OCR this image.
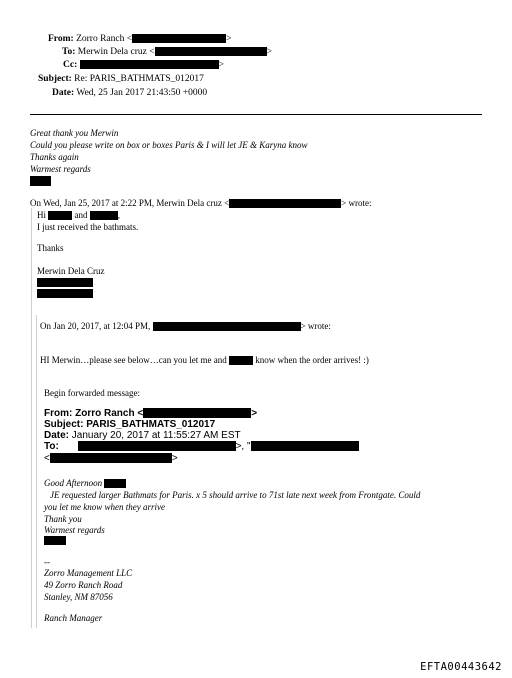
From: Zorro Ranch <	>
To: Merwin Dela cruz <	>
Cc:	>
Subject: Re: PARIS_BATHMATS_012017
Date: Wed, 25 Jan 2017 21:43:50 +0000
Great thank you Merwin
Could you please write on box or boxes Paris & I will let JE & Karyna know
Thanks again
Warmest regards
On Wed, Jan 25, 2017 at 2:22 PM, Merwin Dela cruz <	> wrote:
Hi	and	,
I just received the bathmats.
Thanks
Merwin Dela Cruz
On Jan 20, 2017, at 12:04 PM,	> wrote:
HI Merwin…please see below…can you let me and	know when the order arrives! :)
Begin forwarded message:
From: Zorro Ranch <	>
Subject: PARIS_BATHMATS_012017
Date: January 20, 2017 at 11:55:27 AM EST
To:	>, "
<	>
Good Afternoon
JE requested larger Bathmats for Paris. x 5 should arrive to 71st late next week from Frontgate. Could
you let me know when they arrive
Thank you
Warmest regards
--
Zorro Management LLC
49 Zorro Ranch Road
Stanley, NM 87056
Ranch Manager
EFTA00443642
